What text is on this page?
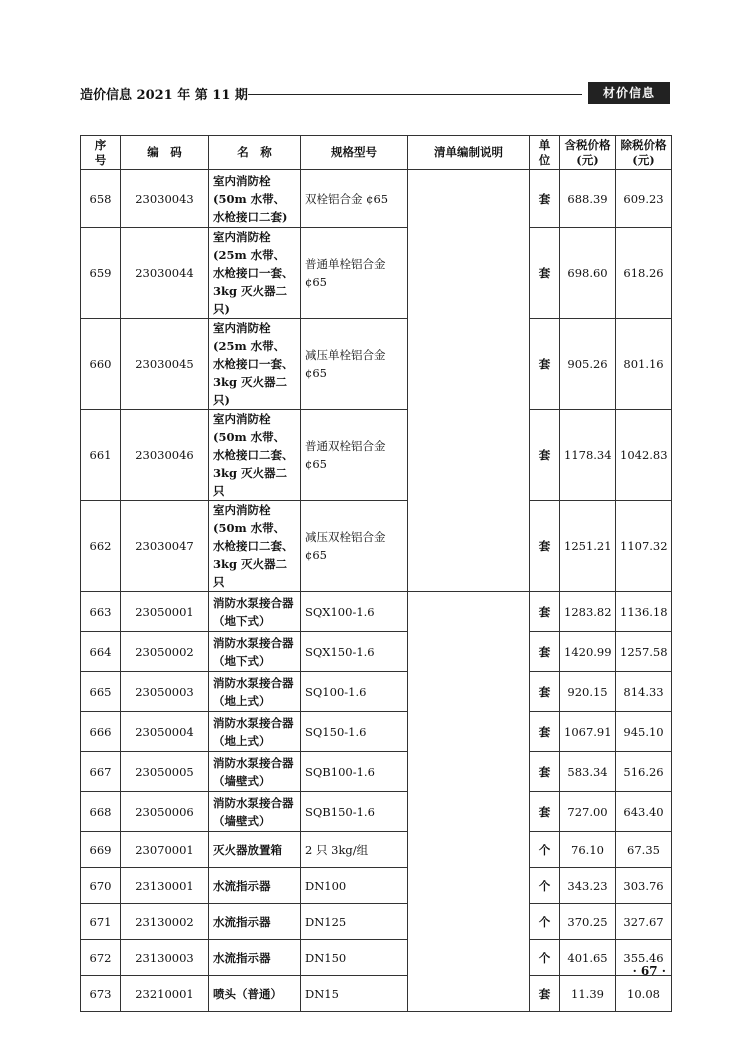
造价信息 2021 年 第 11 期	材价信息
序号	编　码	名　称	规格型号	清单编制说明	单位	含税价格(元)	除税价格(元)
658	23030043	室内消防栓(50m 水带、水枪接口二套)	双栓铝合金 ¢65		套	688.39	609.23
659	23030044	室内消防栓(25m 水带、水枪接口一套、3kg 灭火器二只)	普通单栓铝合金 ¢65		套	698.60	618.26
660	23030045	室内消防栓(25m 水带、水枪接口一套、3kg 灭火器二只)	减压单栓铝合金 ¢65		套	905.26	801.16
661	23030046	室内消防栓(50m 水带、水枪接口二套、3kg 灭火器二只	普通双栓铝合金 ¢65		套	1178.34	1042.83
662	23030047	室内消防栓(50m 水带、水枪接口二套、3kg 灭火器二只	减压双栓铝合金 ¢65		套	1251.21	1107.32
663	23050001	消防水泵接合器（地下式）	SQX100-1.6		套	1283.82	1136.18
664	23050002	消防水泵接合器（地下式）	SQX150-1.6		套	1420.99	1257.58
665	23050003	消防水泵接合器（地上式）	SQ100-1.6		套	920.15	814.33
666	23050004	消防水泵接合器（地上式）	SQ150-1.6		套	1067.91	945.10
667	23050005	消防水泵接合器（墙壁式）	SQB100-1.6		套	583.34	516.26
668	23050006	消防水泵接合器（墙壁式）	SQB150-1.6		套	727.00	643.40
669	23070001	灭火器放置箱	2 只 3kg/组		个	76.10	67.35
670	23130001	水流指示器	DN100		个	343.23	303.76
671	23130002	水流指示器	DN125		个	370.25	327.67
672	23130003	水流指示器	DN150		个	401.65	355.46
673	23210001	喷头（普通）	DN15		套	11.39	10.08
· 67 ·
